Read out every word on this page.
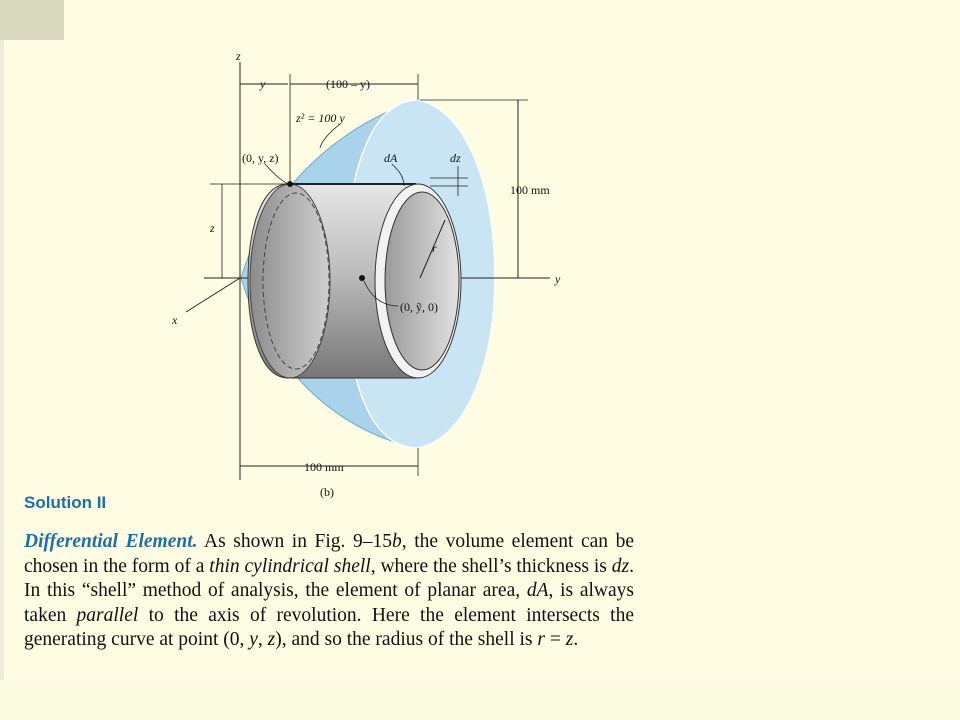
z
y
x
y	(100 – y)
z² = 100 y
(0, y, z)	dA	dz
100 mm
z
r
(0, ỹ, 0)
100 mm
(b)
Solution II
Differential Element. As shown in Fig. 9–15b, the volume element can be chosen in the form of a thin cylindrical shell, where the shell’s thickness is dz. In this “shell” method of analysis, the element of planar area, dA, is always taken parallel to the axis of revolution. Here the element intersects the generating curve at point (0, y, z), and so the radius of the shell is r = z.
